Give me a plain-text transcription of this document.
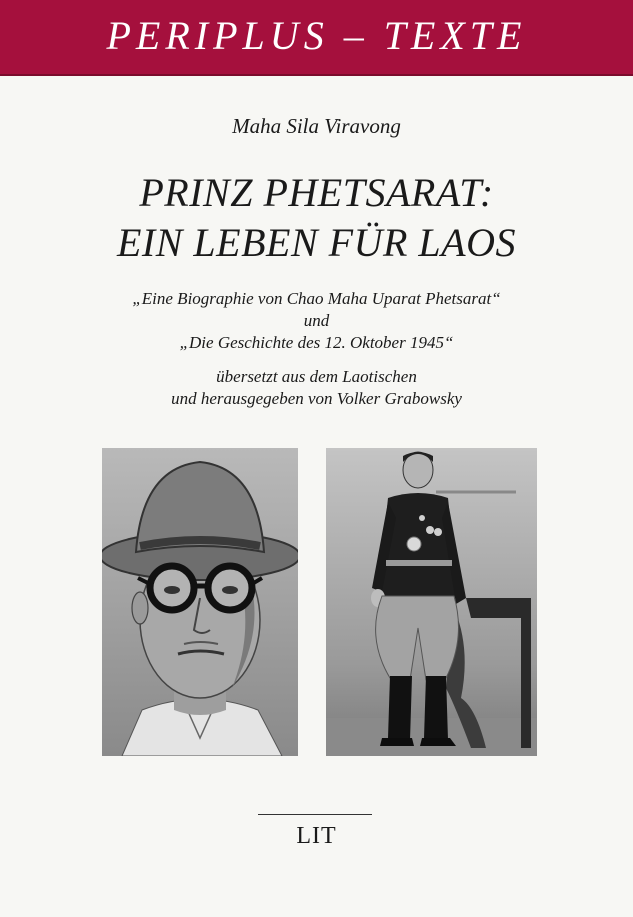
PERIPLUS – TEXTE
Maha Sila Viravong
PRINZ PHETSARAT:
EIN LEBEN FÜR LAOS
„Eine Biographie von Chao Maha Uparat Phetsarat“
und
„Die Geschichte des 12. Oktober 1945“
übersetzt aus dem Laotischen
und herausgegeben von Volker Grabowsky
LIT
